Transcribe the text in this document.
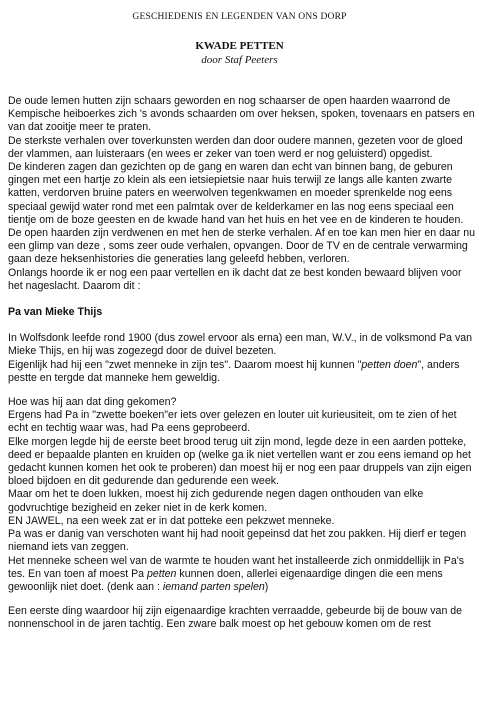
GESCHIEDENIS EN LEGENDEN VAN ONS DORP
KWADE PETTEN
door Staf Peeters

De oude lemen hutten zijn schaars geworden en nog schaarser de open haarden waarrond de Kempische heiboerkes zich 's avonds schaarden om over heksen, spoken, tovenaars en patsers en van dat zooitje meer te praten.

De sterkste verhalen over toverkunsten werden dan door oudere mannen, gezeten voor de gloed der vlammen, aan luisteraars (en wees er zeker van toen werd er nog geluisterd) opgedist.

De kinderen zagen dan gezichten op de gang en waren dan echt van binnen bang, de geburen gingen met een hartje zo klein als een ietsiepietsie naar huis terwijl ze langs alle kanten zwarte katten, verdorven bruine paters en weerwolven tegenkwamen en moeder sprenkelde nog eens speciaal gewijd water rond met een palmtak over de kelderkamer en las nog eens speciaal een tientje om de boze geesten en de kwade hand van het huis en het vee en de kinderen te houden.

De open haarden zijn verdwenen en met hen de sterke verhalen. Af en toe kan men hier en daar nu een glimp van deze , soms zeer oude verhalen, opvangen. Door de TV en de centrale verwarming gaan deze heksenhistories die generaties lang geleefd hebben, verloren.

Onlangs hoorde ik er nog een paar vertellen en ik dacht dat ze best konden bewaard blijven voor het nageslacht. Daarom dit :

Pa van Mieke Thijs

In Wolfsdonk leefde rond 1900 (dus zowel ervoor als erna) een man, W.V., in de volksmond Pa van Mieke Thijs, en hij was zogezegd door de duivel bezeten.

Eigenlijk had hij een "zwet menneke in zijn tes". Daarom moest hij kunnen "petten doen", anders pestte en tergde dat manneke hem geweldig.

Hoe was hij aan dat ding gekomen?

Ergens had Pa in "zwette boeken"er iets over gelezen en louter uit kurieusiteit, om te zien of het echt en techtig waar was, had Pa eens geprobeerd.

Elke morgen legde hij de eerste beet brood terug uit zijn mond, legde deze in een aarden potteke, deed er bepaalde planten en kruiden op (welke ga ik niet vertellen want er zou eens iemand op het gedacht kunnen komen het ook te proberen) dan moest hij er nog een paar druppels van zijn eigen bloed bijdoen en dit gedurende dan gedurende een week.

Maar om het te doen lukken, moest hij zich gedurende negen dagen onthouden van elke godvruchtige bezigheid en zeker niet in de kerk komen.

EN JAWEL, na een week zat er in dat potteke een pekzwet menneke.

Pa was er danig van verschoten want hij had nooit gepeinsd dat het zou pakken. Hij dierf er tegen niemand iets van zeggen.

Het menneke scheen wel van de warmte te houden want het installeerde zich onmiddellijk in Pa's tes. En van toen af moest Pa petten kunnen doen, allerlei eigenaardige dingen die een mens gewoonlijk niet doet. (denk aan : iemand parten spelen)

Een eerste ding waardoor hij zijn eigenaardige krachten verraadde, gebeurde bij de bouw van de nonnenschool in de jaren tachtig. Een zware balk moest op het gebouw komen om de rest
